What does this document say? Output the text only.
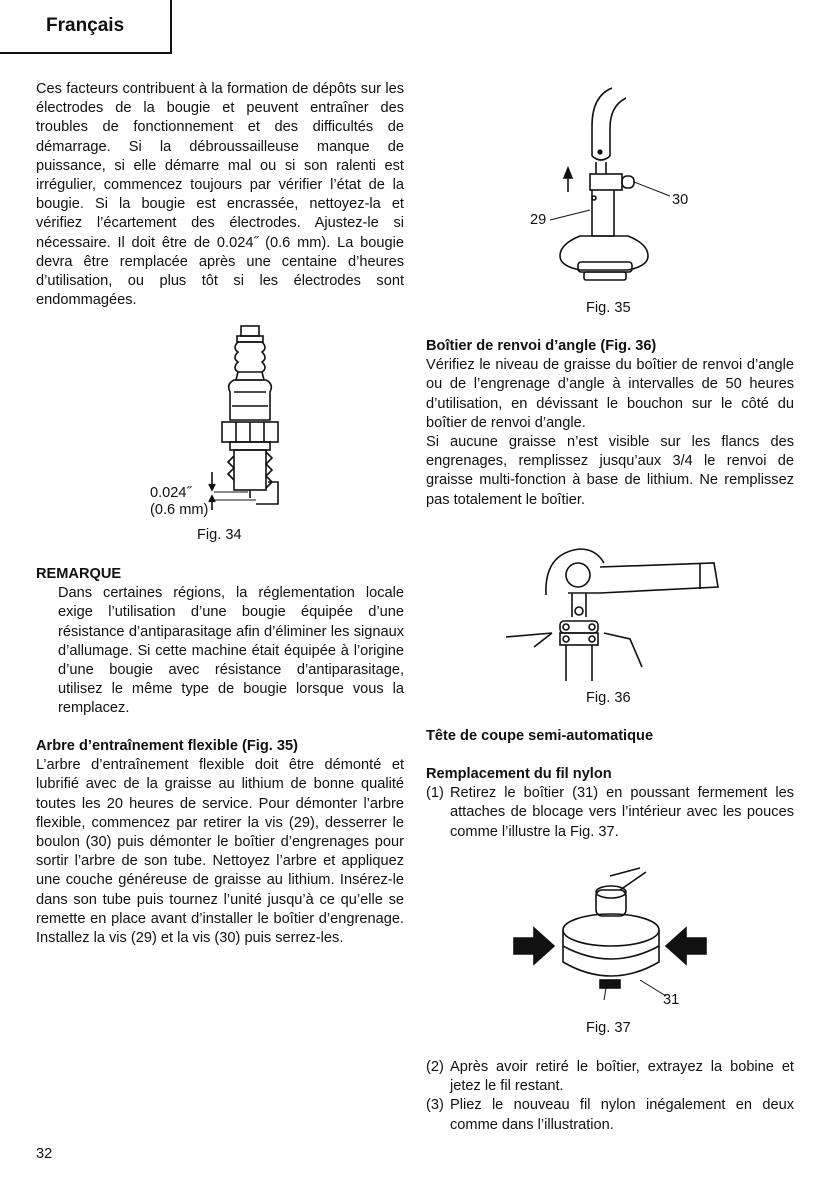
Français

Ces facteurs contribuent à la formation de dépôts sur les électrodes de la bougie et peuvent entraîner des troubles de fonctionnement et des difficultés de démarrage. Si la débroussailleuse manque de puissance, si elle démarre mal ou si son ralenti est irrégulier, commencez toujours par vérifier l’état de la bougie. Si la bougie est encrassée, nettoyez-la et vérifiez l’écartement des électrodes. Ajustez-le si nécessaire. Il doit être de 0.024˝ (0.6 mm). La bougie devra être remplacée après une centaine d’heures d’utilisation, ou plus tôt si les électrodes sont endommagées.

0.024˝
(0.6 mm)
Fig. 34
REMARQUE

Dans certaines régions, la réglementation locale exige l’utilisation d’une bougie équipée d’une résistance d’antiparasitage afin d’éliminer les signaux d’allumage. Si cette machine était équipée à l’origine d’une bougie avec résistance d’antiparasitage, utilisez le même type de bougie lorsque vous la remplacez.

Arbre d’entraînement flexible (Fig. 35)

L’arbre d’entraînement flexible doit être démonté et lubrifié avec de la graisse au lithium de bonne qualité toutes les 20 heures de service. Pour démonter l’arbre flexible, commencez par retirer la vis (29), desserrer le boulon (30) puis démonter le boîtier d’engrenages pour sortir l’arbre de son tube. Nettoyez l’arbre et appliquez une couche généreuse de graisse au lithium. Insérez-le dans son tube puis tournez l’unité jusqu’à ce qu’elle se remette en place avant d’installer le boîtier d’engrenage. Installez la vis (29) et la vis (30) puis serrez-les.

29
30
Fig. 35
Boîtier de renvoi d’angle (Fig. 36)

Vérifiez le niveau de graisse du boîtier de renvoi d’angle ou de l’engrenage d’angle à intervalles de 50 heures d’utilisation, en dévissant le bouchon sur le côté du boîtier de renvoi d’angle.

Si aucune graisse n’est visible sur les flancs des engrenages, remplissez jusqu’aux 3/4 le renvoi de graisse multi-fonction à base de lithium. Ne remplissez pas totalement le boîtier.

Fig. 36
Tête de coupe semi-automatique
Remplacement du fil nylon
(1) Retirez le boîtier (31) en poussant fermement les attaches de blocage vers l’intérieur avec les pouces comme l’illustre la Fig. 37.
31
Fig. 37
(2) Après avoir retiré le boîtier, extrayez la bobine et jetez le fil restant.
(3) Pliez le nouveau fil nylon inégalement en deux comme dans l’illustration.
32
